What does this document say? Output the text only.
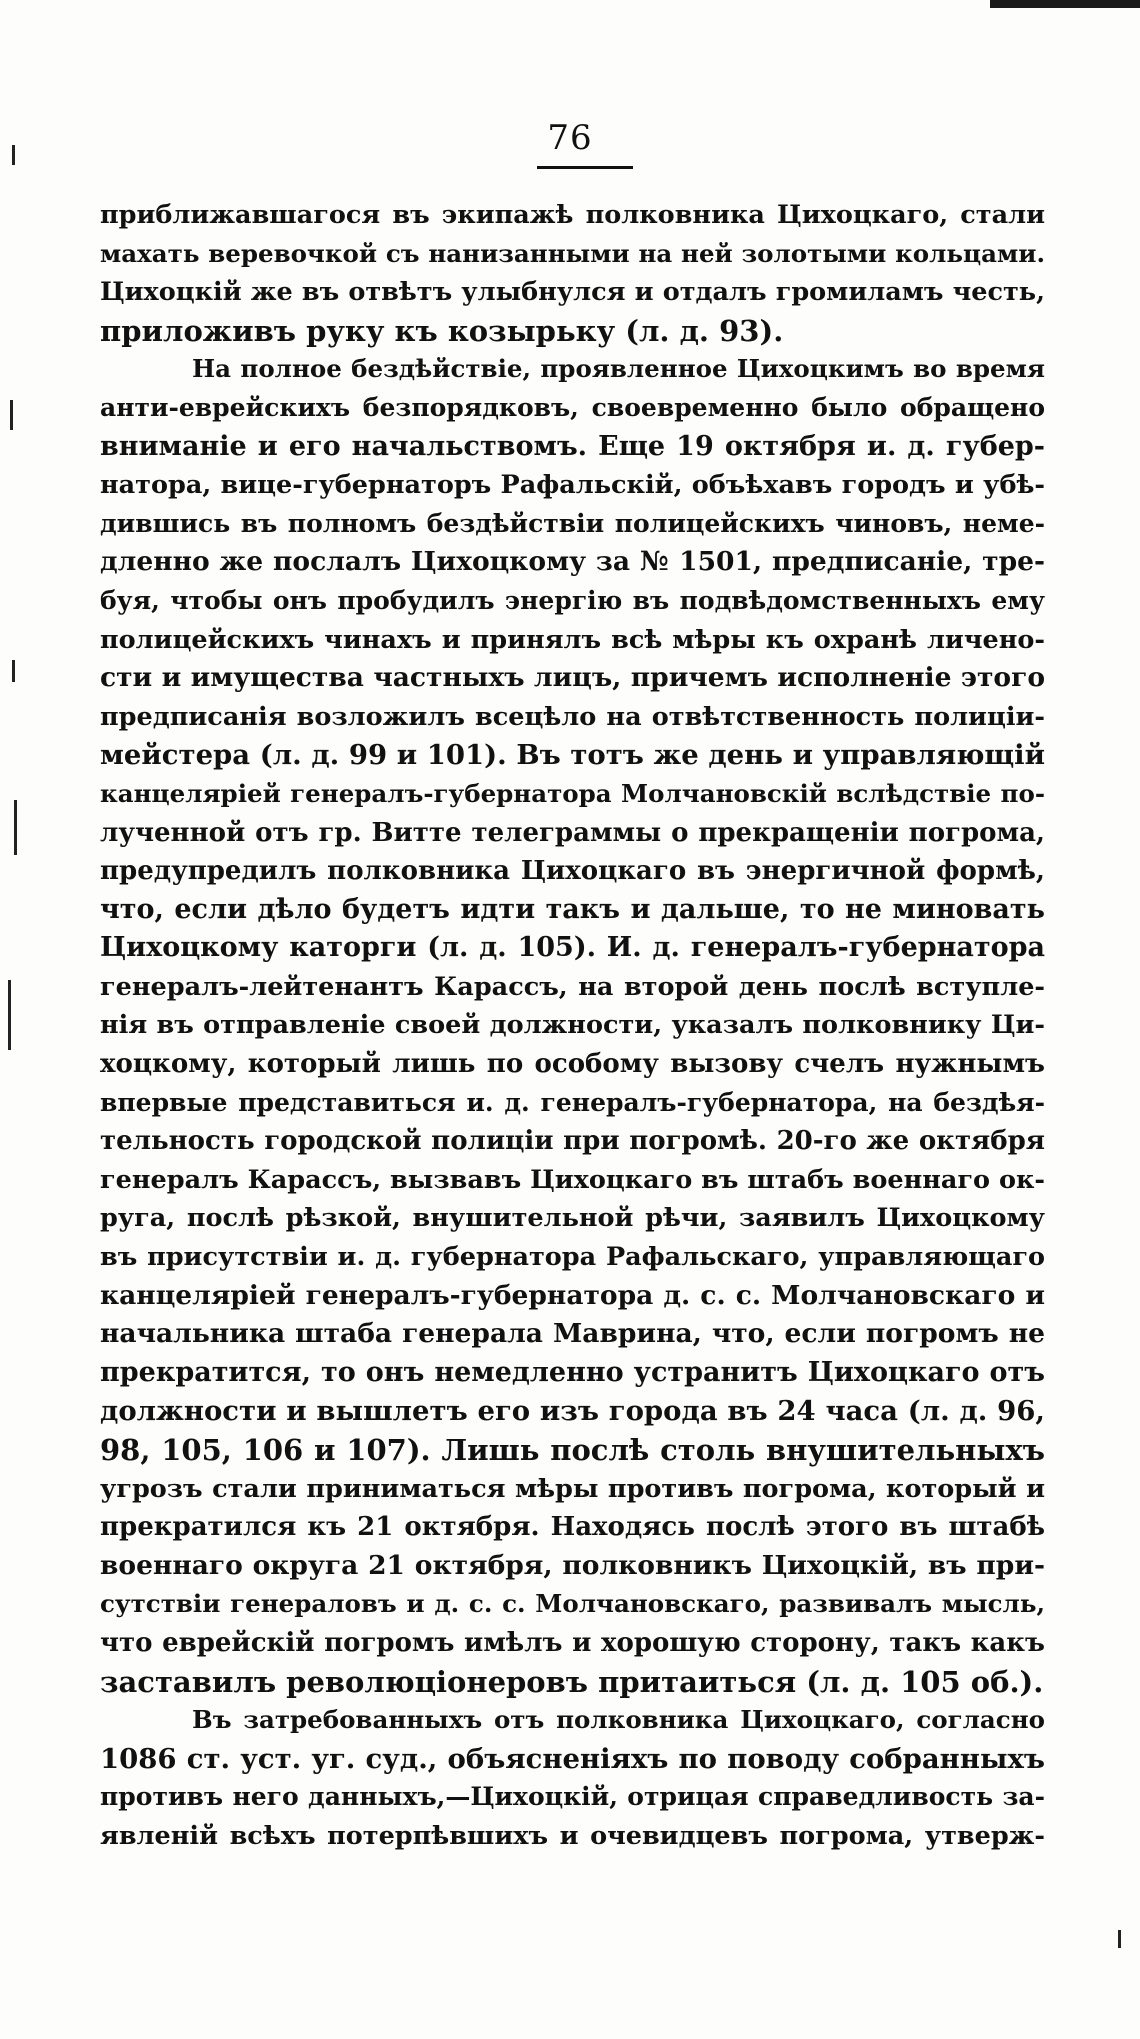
76
приближавшагося въ экипажѣ полковника Цихоцкаго, стали
махать веревочкой съ нанизанными на ней золотыми кольцами.
Цихоцкій же въ отвѣтъ улыбнулся и отдалъ громиламъ честь,
приложивъ руку къ козырьку (л. д. 93).
На полное бездѣйствіе, проявленное Цихоцкимъ во время
анти-еврейскихъ безпорядковъ, своевременно было обращено
вниманіе и его начальствомъ. Еще 19 октября и. д. губер-
натора, вице-губернаторъ Рафальскій, объѣхавъ городъ и убѣ-
дившись въ полномъ бездѣйствіи полицейскихъ чиновъ, неме-
дленно же послалъ Цихоцкому за № 1501, предписаніе, тре-
буя, чтобы онъ пробудилъ энергію въ подвѣдомственныхъ ему
полицейскихъ чинахъ и принялъ всѣ мѣры къ охранѣ личено-
сти и имущества частныхъ лицъ, причемъ исполненіе этого
предписанія возложилъ всецѣло на отвѣтственность полиціи-
мейстера (л. д. 99 и 101). Въ тотъ же день и управляющій
канцеляріей генералъ-губернатора Молчановскій вслѣдствіе по-
лученной отъ гр. Витте телеграммы о прекращеніи погрома,
предупредилъ полковника Цихоцкаго въ энергичной формѣ,
что, если дѣло будетъ идти такъ и дальше, то не миновать
Цихоцкому каторги (л. д. 105). И. д. генералъ-губернатора
генералъ-лейтенантъ Карассъ, на второй день послѣ вступле-
нія въ отправленіе своей должности, указалъ полковнику Ци-
хоцкому, который лишь по особому вызову счелъ нужнымъ
впервые представиться и. д. генералъ-губернатора, на бездѣя-
тельность городской полиціи при погромѣ. 20-го же октября
генералъ Карассъ, вызвавъ Цихоцкаго въ штабъ военнаго ок-
руга, послѣ рѣзкой, внушительной рѣчи, заявилъ Цихоцкому
въ присутствіи и. д. губернатора Рафальскаго, управляющаго
канцеляріей генералъ-губернатора д. с. с. Молчановскаго и
начальника штаба генерала Маврина, что, если погромъ не
прекратится, то онъ немедленно устранитъ Цихоцкаго отъ
должности и вышлетъ его изъ города въ 24 часа (л. д. 96,
98, 105, 106 и 107). Лишь послѣ столь внушительныхъ
угрозъ стали приниматься мѣры противъ погрома, который и
прекратился къ 21 октября. Находясь послѣ этого въ штабѣ
военнаго округа 21 октября, полковникъ Цихоцкій, въ при-
сутствіи генераловъ и д. с. с. Молчановскаго, развивалъ мысль,
что еврейскій погромъ имѣлъ и хорошую сторону, такъ какъ
заставилъ революціонеровъ притаиться (л. д. 105 об.).
Въ затребованныхъ отъ полковника Цихоцкаго, согласно
1086 ст. уст. уг. суд., объясненіяхъ по поводу собранныхъ
противъ него данныхъ,—Цихоцкій, отрицая справедливость за-
явленій всѣхъ потерпѣвшихъ и очевидцевъ погрома, утверж-
